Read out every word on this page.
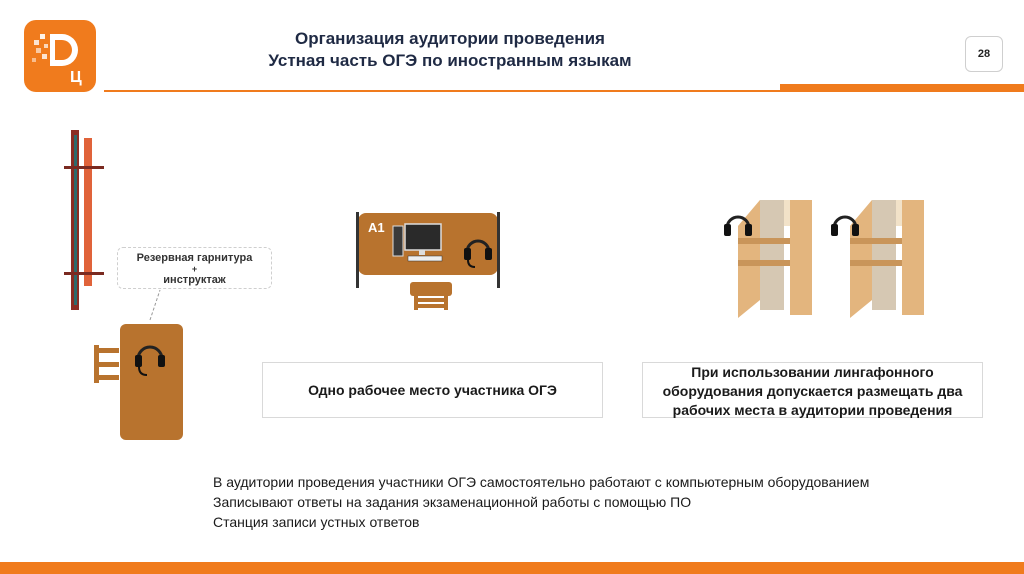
Ц
Организация аудитории проведения
Устная часть ОГЭ по иностранным языкам	28
A1
Резервная гарнитура
+
инструктаж
Одно рабочее место участника ОГЭ
При использовании лингафонного
оборудования допускается размещать два
рабочих места в аудитории проведения
В аудитории проведения участники ОГЭ самостоятельно работают с компьютерным оборудованием
Записывают ответы на задания экзаменационной работы с помощью ПО
Станция записи устных ответов
